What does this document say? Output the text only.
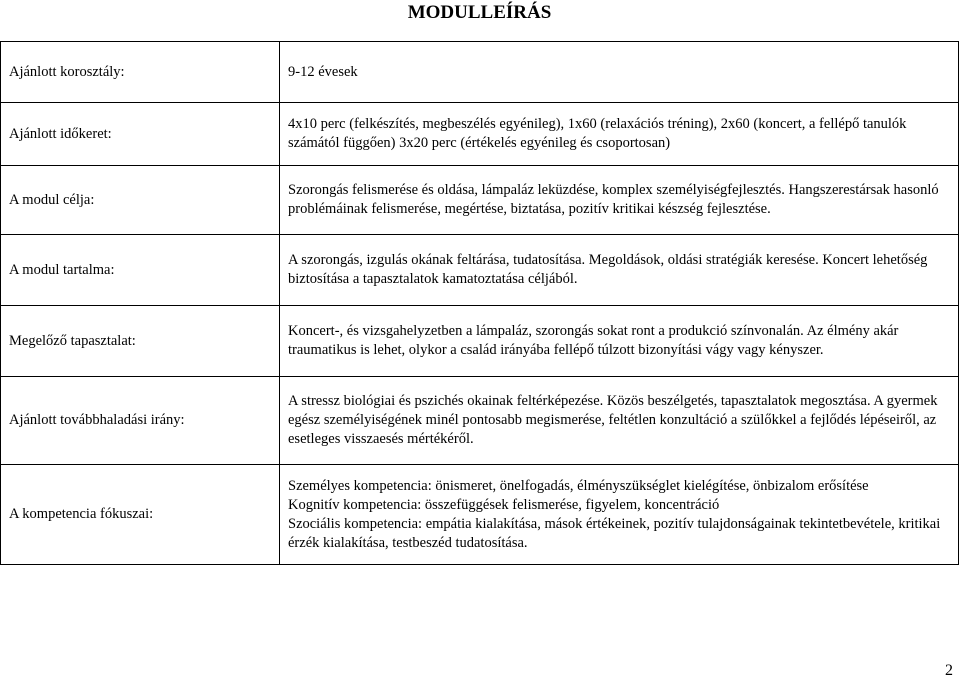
MODULLEÍRÁS
Ajánlott korosztály:	9-12 évesek

Ajánlott időkeret:	4x10 perc (felkészítés, megbeszélés egyénileg), 1x60 (relaxációs tréning), 2x60 (koncert, a fellépő tanulók számától függően) 3x20 perc (értékelés egyénileg és csoportosan)

A modul célja:	Szorongás felismerése és oldása, lámpaláz leküzdése, komplex személyiségfejlesztés. Hangszerestársak hasonló problémáinak felismerése, megértése, biztatása, pozitív kritikai készség fejlesztése.

A modul tartalma:	A szorongás, izgulás okának feltárása, tudatosítása. Megoldások, oldási stratégiák keresése. Koncert lehetőség biztosítása a tapasztalatok kamatoztatása céljából.

Megelőző tapasztalat:	Koncert-, és vizsgahelyzetben a lámpaláz, szorongás sokat ront a produkció színvonalán. Az élmény akár traumatikus is lehet, olykor a család irányába fellépő túlzott bizonyítási vágy vagy kényszer.

Ajánlott továbbhaladási irány:	A stressz biológiai és pszichés okainak feltérképezése. Közös beszélgetés, tapasztalatok megosztása. A gyermek egész személyiségének minél pontosabb megismerése, feltétlen konzultáció a szülőkkel a fejlődés lépéseiről, az esetleges visszaesés mértékéről.

A kompetencia fókuszai:	Személyes kompetencia: önismeret, önelfogadás, élményszükséglet kielégítése, önbizalom erősítése
Kognitív kompetencia: összefüggések felismerése, figyelem, koncentráció
Szociális kompetencia: empátia kialakítása, mások értékeinek, pozitív tulajdonságainak tekintetbevétele, kritikai érzék kialakítása, testbeszéd tudatosítása.
2
